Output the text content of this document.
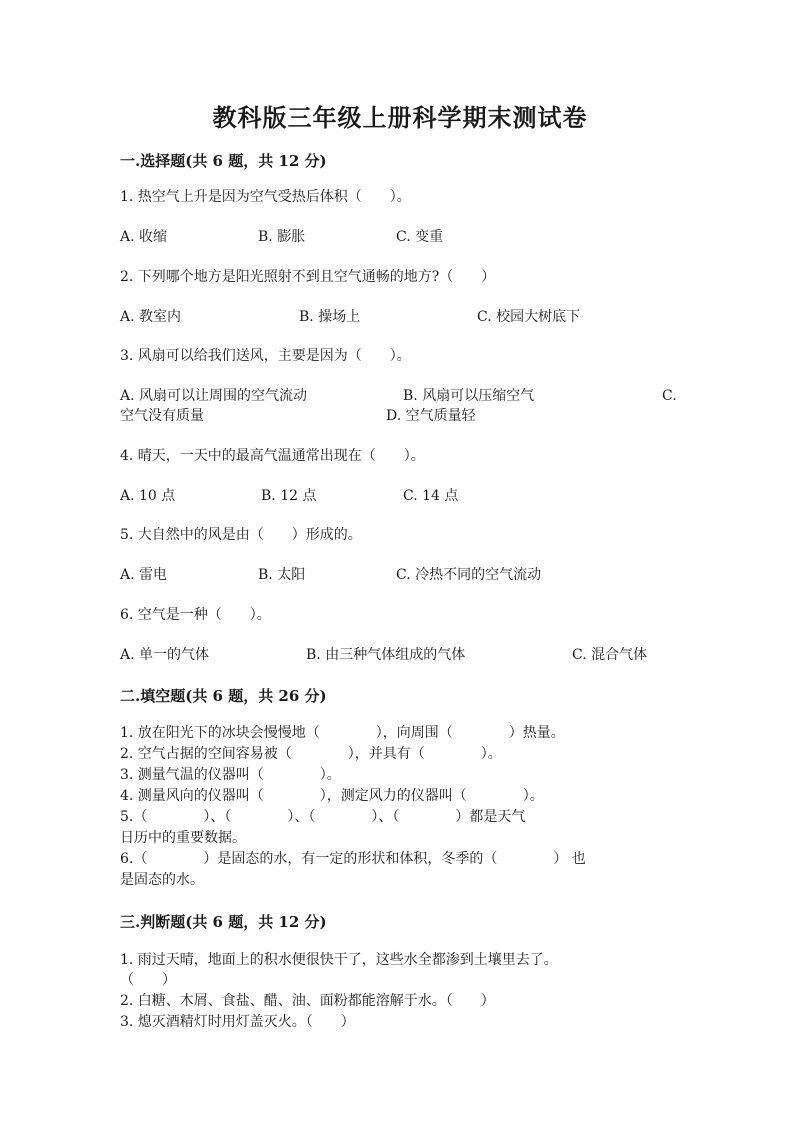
教科版三年级上册科学期末测试卷
一.选择题(共 6 题，共 12 分)
1. 热空气上升是因为空气受热后体积（　　）。
A. 收缩	B. 膨胀	C. 变重
2. 下列哪个地方是阳光照射不到且空气通畅的地方?（　　）
A. 教室内	B. 操场上	C. 校园大树底下
3. 风扇可以给我们送风，主要是因为（　　）。
A. 风扇可以让周围的空气流动	B. 风扇可以压缩空气	C.
空气没有质量	D. 空气质量轻
4. 晴天，一天中的最高气温通常出现在（　　）。
A. 10 点	B. 12 点	C. 14 点
5. 大自然中的风是由（　　）形成的。
A. 雷电	B. 太阳	C. 冷热不同的空气流动
6. 空气是一种（　　）。
A. 单一的气体	B. 由三种气体组成的气体	C. 混合气体
二.填空题(共 6 题，共 26 分)
1. 放在阳光下的冰块会慢慢地（　　　　），向周围（　　　　）热量。
2. 空气占据的空间容易被（　　　　），并具有（　　　　）。
3. 测量气温的仪器叫（　　　　）。
4. 测量风向的仪器叫（　　　　），测定风力的仪器叫（　　　　）。
5.（　　　　）、（　　　　）、（　　　　）、（　　　　）都是天气
日历中的重要数据。
6.（　　　　）是固态的水，有一定的形状和体积，冬季的（　　　　） 也
是固态的水。
三.判断题(共 6 题，共 12 分)
1. 雨过天晴，地面上的积水便很快干了，这些水全都渗到土壤里去了。
（　　）
2. 白糖、木屑、食盐、醋、油、面粉都能溶解于水。（　　）
3. 熄灭酒精灯时用灯盖灭火。（　　）
